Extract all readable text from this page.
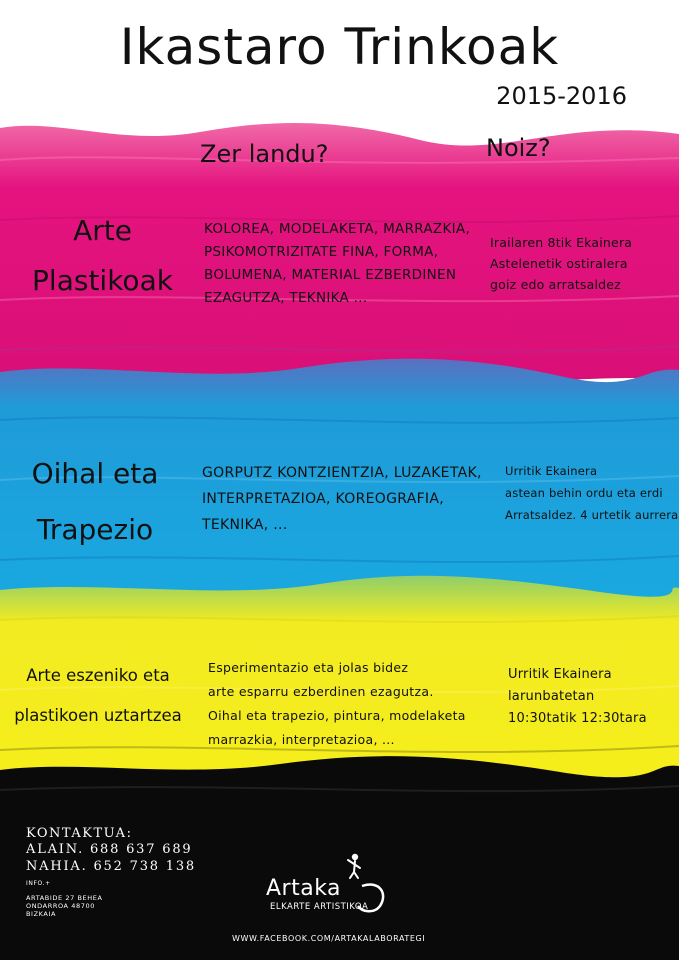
Ikastaro Trinkoak
2015-2016
Zer landu?	Noiz?
Arte
Plastikoak
KOLOREA, MODELAKETA, MARRAZKIA,
PSIKOMOTRIZITATE FINA, FORMA,
BOLUMENA, MATERIAL EZBERDINEN
EZAGUTZA, TEKNIKA ...
Irailaren 8tik Ekainera
Astelenetik ostiralera
goiz edo arratsaldez
Oihal eta
Trapezio
GORPUTZ KONTZIENTZIA, LUZAKETAK,
INTERPRETAZIOA, KOREOGRAFIA,
TEKNIKA, ...
Urritik Ekainera
astean behin ordu eta erdi
Arratsaldez. 4 urtetik aurrera
Arte eszeniko eta
plastikoen uztartzea
Esperimentazio eta jolas bidez
arte esparru ezberdinen ezagutza.
Oihal eta trapezio, pintura, modelaketa
marrazkia, interpretazioa, ...
Urritik Ekainera
larunbatetan
10:30tatik 12:30tara
KONTAKTUA:
ALAIN. 688 637 689
NAHIA. 652 738 138
INFO.+
ARTABIDE 27 BEHEA
ONDARROA 48700
BIZKAIA
Artaka
ELKARTE ARTISTIKOA
WWW.FACEBOOK.COM/ARTAKALABORATEGI
